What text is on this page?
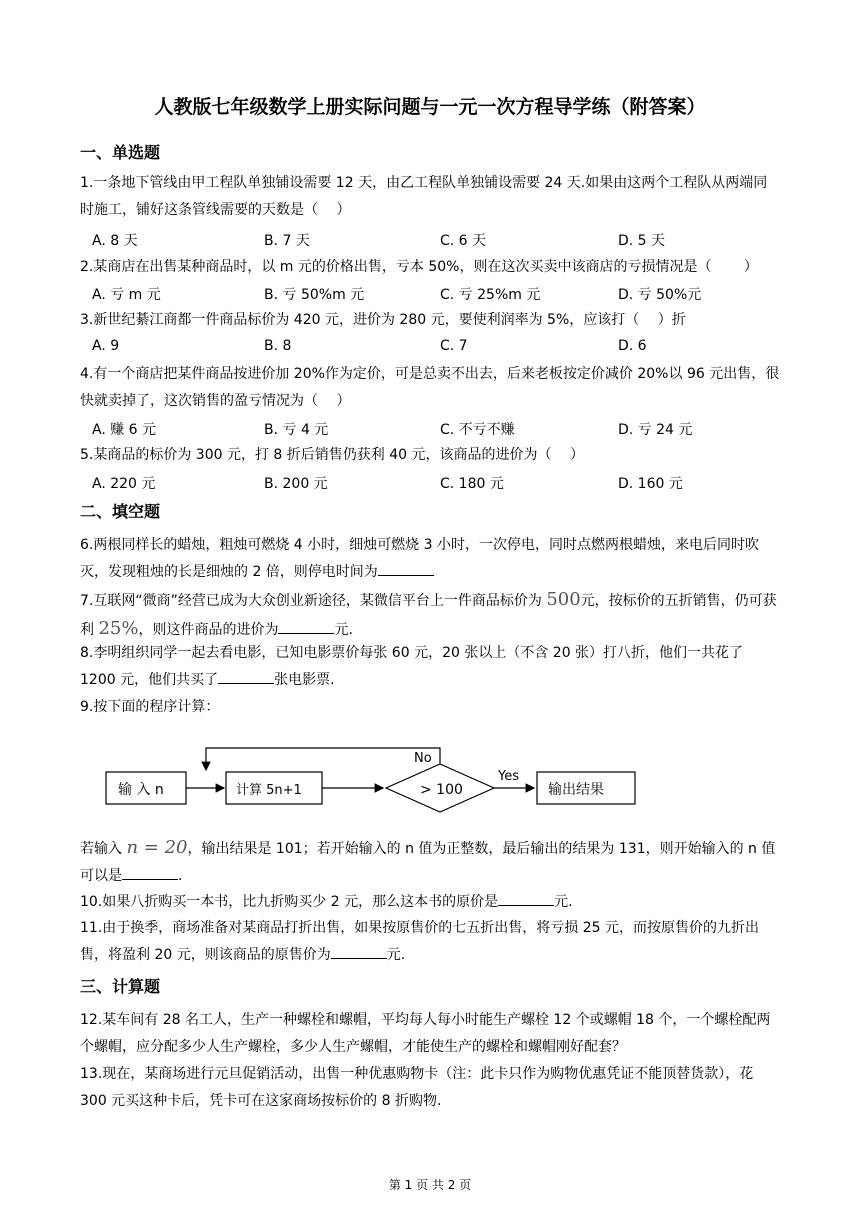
人教版七年级数学上册实际问题与一元一次方程导学练（附答案）
一、单选题
1.一条地下管线由甲工程队单独铺设需要 12 天，由乙工程队单独铺设需要 24 天.如果由这两个工程队从两端同时施工，铺好这条管线需要的天数是（　 ）
A. 8 天	B. 7 天	C. 6 天	D. 5 天
2.某商店在出售某种商品时，以 m 元的价格出售，亏本 50%，则在这次买卖中该商店的亏损情况是（　　 ）
A. 亏 m 元	B. 亏 50%m 元	C. 亏 25%m 元	D. 亏 50%元
3.新世纪綦江商都一件商品标价为 420 元，进价为 280 元，要使利润率为 5%，应该打（　 ）折
A. 9	B. 8	C. 7	D. 6
4.有一个商店把某件商品按进价加 20%作为定价，可是总卖不出去，后来老板按定价减价 20%以 96 元出售，很快就卖掉了，这次销售的盈亏情况为（　 ）
A. 赚 6 元	B. 亏 4 元	C. 不亏不赚	D. 亏 24 元
5.某商品的标价为 300 元，打 8 折后销售仍获利 40 元，该商品的进价为（　 ）
A. 220 元	B. 200 元	C. 180 元	D. 160 元
二、填空题
6.两根同样长的蜡烛，粗烛可燃烧 4 小时，细烛可燃烧 3 小时，一次停电，同时点燃两根蜡烛，来电后同时吹灭，发现粗烛的长是细烛的 2 倍，则停电时间为
7.互联网“微商”经营已成为大众创业新途径，某微信平台上一件商品标价为 500元，按标价的五折销售，仍可获利 25%，则这件商品的进价为	元.
8.李明组织同学一起去看电影，已知电影票价每张 60 元，20 张以上（不含 20 张）打八折，他们一共花了 1200 元，他们共买了	张电影票.
9.按下面的程序计算：
输 入 n	计算 5n+1	> 100
No
Yes
输出结果
若输入 n = 20，输出结果是 101；若开始输入的 n 值为正整数，最后输出的结果为 131，则开始输入的 n 值可以是	.
10.如果八折购买一本书，比九折购买少 2 元，那么这本书的原价是	元.
11.由于换季，商场准备对某商品打折出售，如果按原售价的七五折出售，将亏损 25 元，而按原售价的九折出售，将盈利 20 元，则该商品的原售价为	元.
三、计算题
12.某车间有 28 名工人，生产一种螺栓和螺帽，平均每人每小时能生产螺栓 12 个或螺帽 18 个，一个螺栓配两个螺帽，应分配多少人生产螺栓，多少人生产螺帽，才能使生产的螺栓和螺帽刚好配套？
13.现在，某商场进行元旦促销活动，出售一种优惠购物卡（注：此卡只作为购物优惠凭证不能顶替货款），花 300 元买这种卡后，凭卡可在这家商场按标价的 8 折购物.
第 1 页 共 2 页
